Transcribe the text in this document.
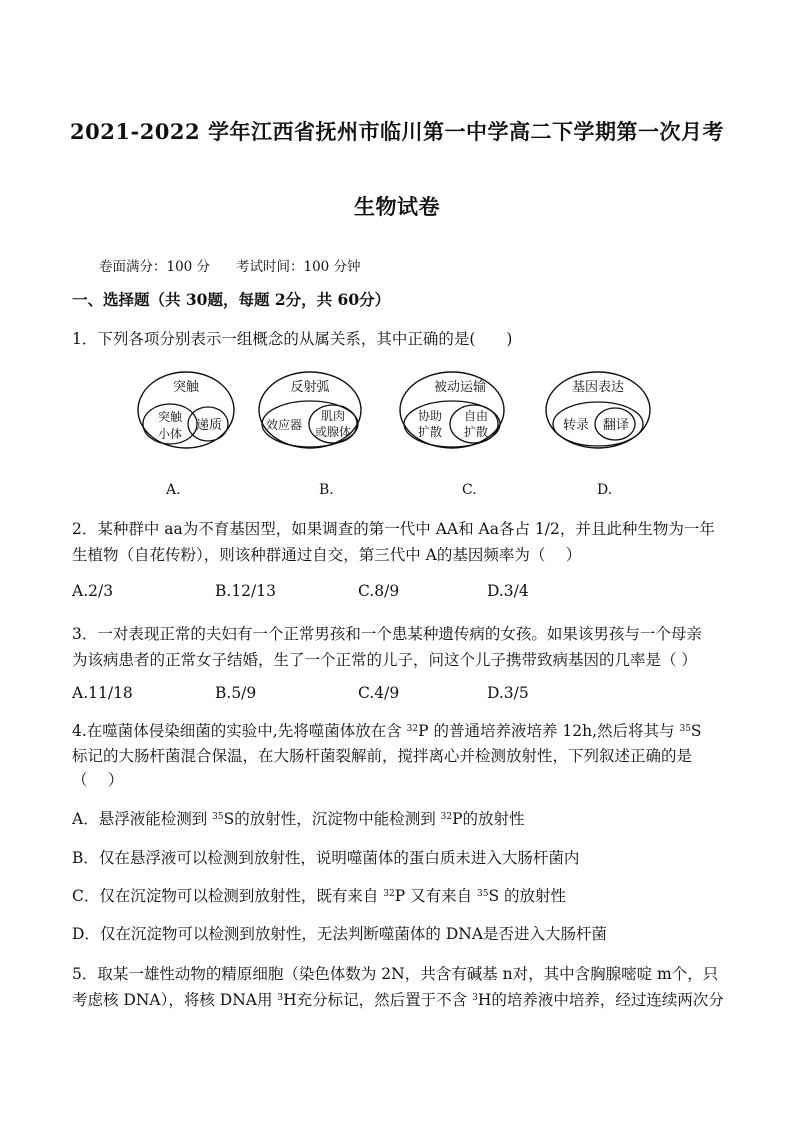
2021-2022 学年江西省抚州市临川第一中学高二下学期第一次月考
生物试卷
卷面满分：100 分 考试时间：100 分钟
一、选择题（共 30题，每题 2分，共 60分）
1．下列各项分别表示一组概念的从属关系，其中正确的是(　　)
突触
突触
小体
递质
反射弧
效应器
肌肉
或腺体
被动运输
协助
扩散
自由
扩散
基因表达
转录 翻译
A.	B.	C.	D.
2．某种群中 aa为不育基因型，如果调查的第一代中 AA和 Aa各占 1/2，并且此种生物为一年
生植物（自花传粉），则该种群通过自交，第三代中 A的基因频率为（　 ）
A.2/3	B.12/13	C.8/9	D.3/4
3．一对表现正常的夫妇有一个正常男孩和一个患某种遗传病的女孩。如果该男孩与一个母亲
为该病患者的正常女子结婚，生了一个正常的儿子，问这个儿子携带致病基因的几率是（ ）
A.11/18	B.5/9	C.4/9	D.3/5
4.在噬菌体侵染细菌的实验中,先将噬菌体放在含 $^{32}$P 的普通培养液培养 12h,然后将其与 $^{35}$S
标记的大肠杆菌混合保温，在大肠杆菌裂解前，搅拌离心并检测放射性，下列叙述正确的是
（　 ）
A．悬浮液能检测到 $^{35}$S的放射性，沉淀物中能检测到 $^{32}$P的放射性
B．仅在悬浮液可以检测到放射性，说明噬菌体的蛋白质未进入大肠杆菌内
C．仅在沉淀物可以检测到放射性，既有来自 $^{32}$P 又有来自 $^{35}$S 的放射性
D．仅在沉淀物可以检测到放射性，无法判断噬菌体的 DNA是否进入大肠杆菌
5．取某一雄性动物的精原细胞（染色体数为 2N，共含有碱基 n对，其中含胸腺嘧啶 m个，只
考虑核 DNA），将核 DNA用 $^3$H充分标记，然后置于不含 $^3$H的培养液中培养，经过连续两次分
